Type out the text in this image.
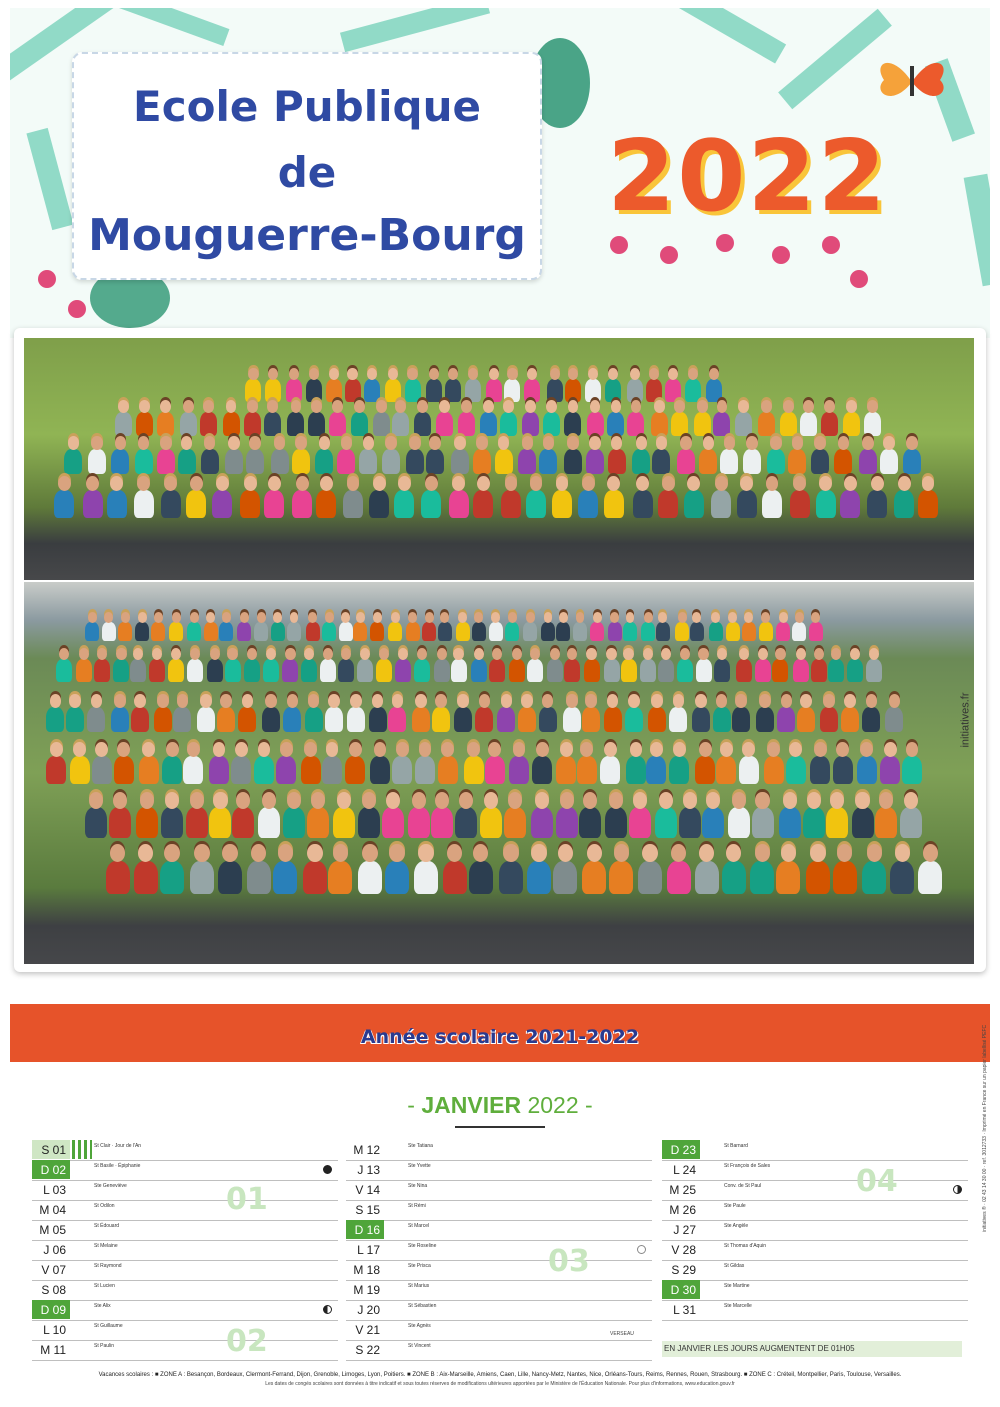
Ecole Publique
de
Mouguerre-Bourg
2022
initiatives.fr
Année scolaire 2021-2022
- JANVIER 2022 -
S 01	St Clair · Jour de l'An
D 02	St Basile · Épiphanie
L 03	Ste Geneviève
M 04	St Odilon
M 05	St Édouard
J 06	St Melaine
V 07	St Raymond
S 08	St Lucien
D 09	Ste Alix
L 10	St Guillaume
M 11	St Paulin
01
02
M 12	Ste Tatiana
J 13	Ste Yvette
V 14	Ste Nina
S 15	St Rémi
D 16	St Marcel
L 17	Ste Roseline
M 18	Ste Prisca
M 19	St Marius
J 20	St Sébastien
V 21	Ste Agnès
S 22	St Vincent
03
VERSEAU
D 23	St Barnard
L 24	St François de Sales
M 25	Conv. de St Paul
M 26	Ste Paule
J 27	Ste Angèle
V 28	St Thomas d'Aquin
S 29	St Gildas
D 30	Ste Martine
L 31	Ste Marcelle
04
EN JANVIER LES JOURS AUGMENTENT DE 01H05
Vacances scolaires : ■ ZONE A : Besançon, Bordeaux, Clermont-Ferrand, Dijon, Grenoble, Limoges, Lyon, Poitiers. ■ ZONE B : Aix-Marseille, Amiens, Caen, Lille, Nancy-Metz, Nantes, Nice, Orléans-Tours, Reims, Rennes, Rouen, Strasbourg. ■ ZONE C : Créteil, Montpellier, Paris, Toulouse, Versailles.
Les dates de congés scolaires sont données à titre indicatif et sous toutes réserves de modifications ultérieures apportées par le Ministère de l'Éducation Nationale. Pour plus d'informations, www.education.gouv.fr
initiatives ® · 02 43 14 30 00 · ref. 3012733 · Imprimé en France sur un papier labellisé PEFC
